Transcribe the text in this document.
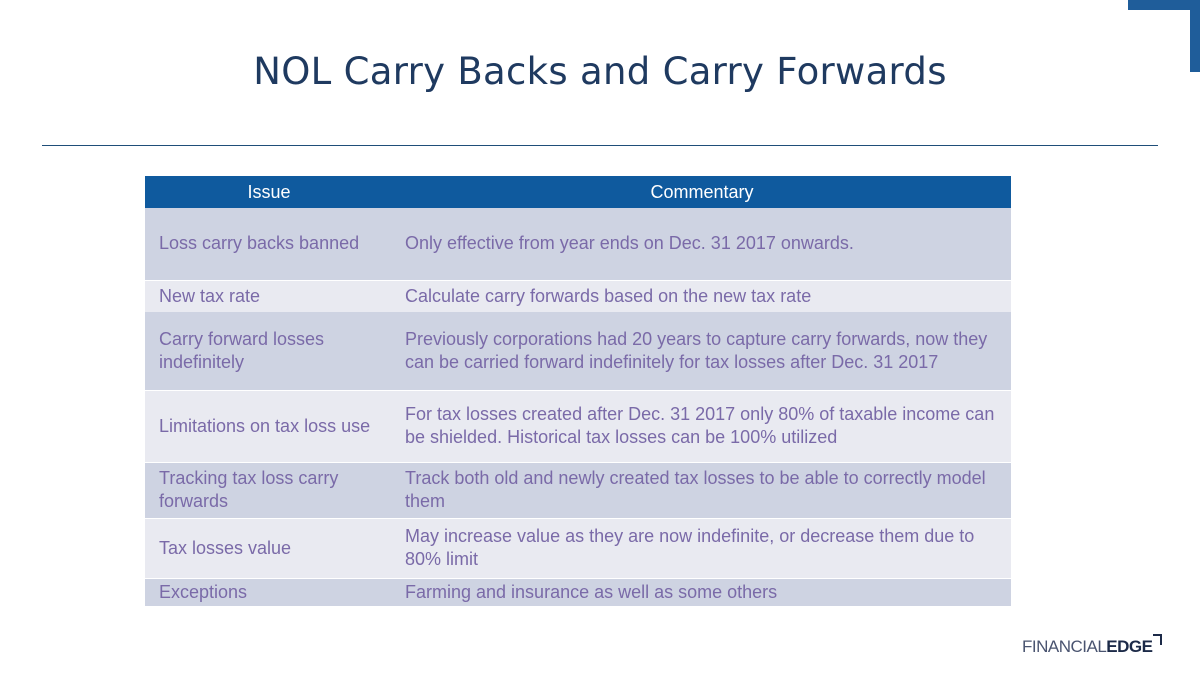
NOL Carry Backs and Carry Forwards
Issue	Commentary
Loss carry backs banned	Only effective from year ends on Dec. 31 2017 onwards.
New tax rate	Calculate carry forwards based on the new tax rate
Carry forward losses indefinitely	Previously corporations had 20 years to capture carry forwards, now they can be carried forward indefinitely for tax losses after Dec. 31 2017
Limitations on tax loss use	For tax losses created after Dec. 31 2017 only 80% of taxable income can be shielded. Historical tax losses can be 100% utilized
Tracking tax loss carry forwards	Track both old and newly created tax losses to be able to correctly model them
Tax losses value	May increase value as they are now indefinite, or decrease them due to 80% limit
Exceptions	Farming and insurance as well as some others
FINANCIALEDGE
